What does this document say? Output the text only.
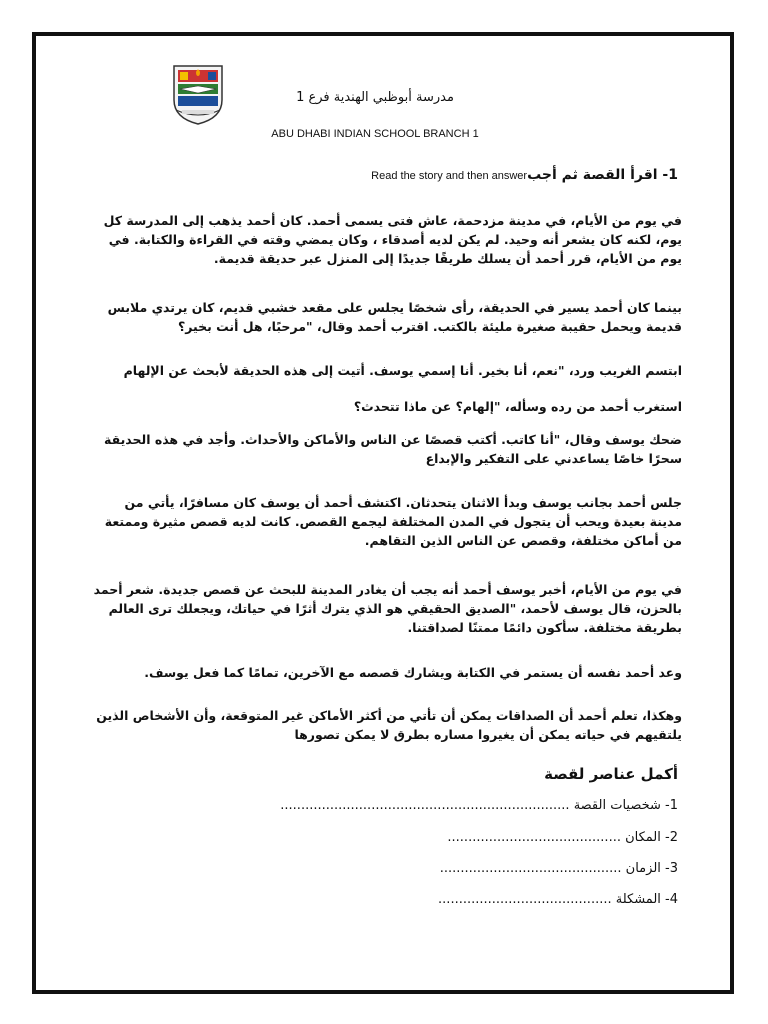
مدرسة أبوظبي الهندية فرع 1
ABU DHABI INDIAN SCHOOL BRANCH 1
1- اقرأ القصة ثم أجبRead the story and then answer
في يوم من الأيام، في مدينة مزدحمة، عاش فتى يسمى أحمد. كان أحمد يذهب إلى المدرسة كل يوم، لكنه كان يشعر أنه وحيد. لم يكن لديه أصدقاء ، وكان يمضي وقته في القراءة والكتابة. في يوم من الأيام، قرر أحمد أن يسلك طريقًا جديدًا إلى المنزل عبر حديقة قديمة.
بينما كان أحمد يسير في الحديقة، رأى شخصًا يجلس على مقعد خشبي قديم، كان يرتدي ملابس قديمة ويحمل حقيبة صغيرة مليئة بالكتب. اقترب أحمد وقال، "مرحبًا، هل أنت بخير؟
ابتسم الغريب ورد، "نعم، أنا بخير. أنا إسمي يوسف. أتيت إلى هذه الحديقة لأبحث عن الإلهام
استغرب أحمد من رده وسأله، "إلهام؟ عن ماذا تتحدث؟
ضحك يوسف وقال، "أنا كاتب. أكتب قصصًا عن الناس والأماكن والأحداث. وأجد في هذه الحديقة سحرًا خاصًا يساعدني على التفكير والإبداع
جلس أحمد بجانب يوسف وبدأ الاثنان يتحدثان. اكتشف أحمد أن يوسف كان مسافرًا، يأتي من مدينة بعيدة ويحب أن يتجول في المدن المختلفة ليجمع القصص. كانت لديه قصص مثيرة وممتعة من أماكن مختلفة، وقصص عن الناس الذين التقاهم.
في يوم من الأيام، أخبر يوسف أحمد أنه يجب أن يغادر المدينة للبحث عن قصص جديدة. شعر أحمد بالحزن، قال يوسف لأحمد، "الصديق الحقيقي هو الذي يترك أثرًا في حياتك، ويجعلك ترى العالم بطريقة مختلفة. سأكون دائمًا ممتنًا لصداقتنا.
وعد أحمد نفسه أن يستمر في الكتابة ويشارك قصصه مع الآخرين، تمامًا كما فعل يوسف.
وهكذا، تعلم أحمد أن الصداقات يمكن أن تأتي من أكثر الأماكن غير المتوقعة، وأن الأشخاص الذين يلتقيهم في حياته يمكن أن يغيروا مساره بطرق لا يمكن تصورها
أكمل عناصر لقصة
1- شخصيات القصة ......................................................................
2- المكان ..........................................
3- الزمان ............................................
4- المشكلة ..........................................
